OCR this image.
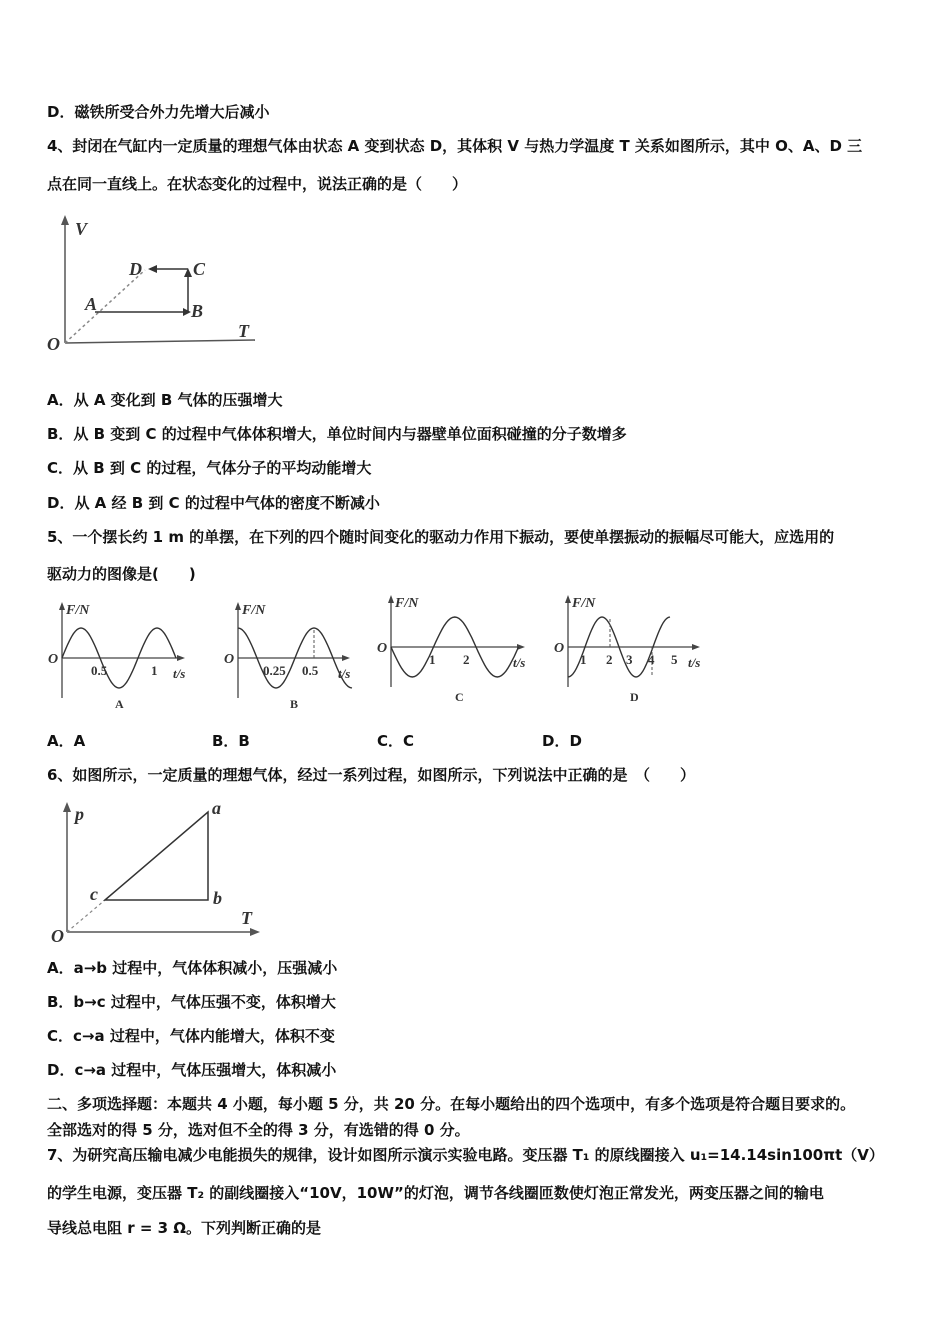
D．磁铁所受合外力先增大后减小
4、封闭在气缸内一定质量的理想气体由状态 A 变到状态 D，其体积 V 与热力学温度 T 关系如图所示，其中 O、A、D 三
点在同一直线上。在状态变化的过程中，说法正确的是（　　）
V
T
O
A	B
C
D
A．从 A 变化到 B 气体的压强增大
B．从 B 变到 C 的过程中气体体积增大，单位时间内与器壁单位面积碰撞的分子数增多
C．从 B 到 C 的过程，气体分子的平均动能增大
D．从 A 经 B 到 C 的过程中气体的密度不断减小
5、一个摆长约 1 m 的单摆，在下列的四个随时间变化的驱动力作用下振动，要使单摆振动的振幅尽可能大，应选用的
驱动力的图像是(　　)
F/N
t/s
O
0.5	1
A
F/N
t/s
O
0.25 0.5
B
F/N
t/s
O
1 2
C
F/N
t/s
O
1 2 3 4 5
D
A．A	B．B	C．C	D．D
6、如图所示，一定质量的理想气体，经过一系列过程，如图所示，下列说法中正确的是　（　　）
p
T
O
a
b
c
A．a→b 过程中，气体体积减小，压强减小
B．b→c 过程中，气体压强不变，体积增大
C．c→a 过程中，气体内能增大，体积不变
D．c→a 过程中，气体压强增大，体积减小
二、多项选择题：本题共 4 小题，每小题 5 分，共 20 分。在每小题给出的四个选项中，有多个选项是符合题目要求的。
全部选对的得 5 分，选对但不全的得 3 分，有选错的得 0 分。
7、为研究高压输电减少电能损失的规律，设计如图所示演示实验电路。变压器 T₁ 的原线圈接入 u₁=14.14sin100πt（V）
的学生电源，变压器 T₂ 的副线圈接入“10V，10W”的灯泡，调节各线圈匝数使灯泡正常发光，两变压器之间的输电
导线总电阻 r = 3 Ω。下列判断正确的是
